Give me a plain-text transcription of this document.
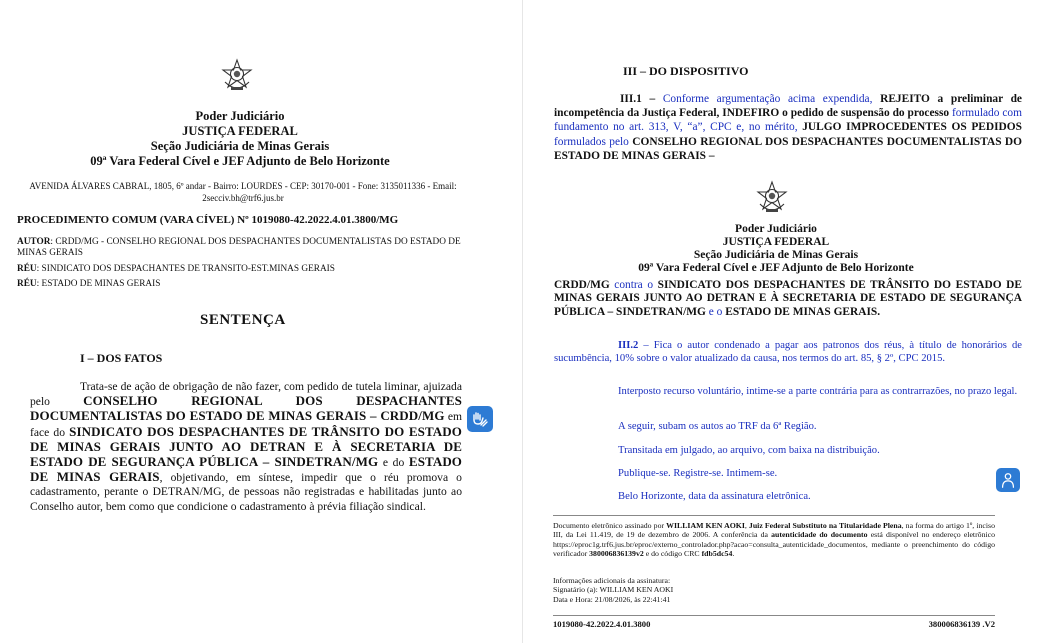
Poder Judiciário
JUSTIÇA FEDERAL
Seção Judiciária de Minas Gerais
09ª Vara Federal Cível e JEF Adjunto de Belo Horizonte
AVENIDA ÁLVARES CABRAL, 1805, 6º andar - Bairro: LOURDES - CEP: 30170-001 - Fone: 3135011336 - Email:
2secciv.bh@trf6.jus.br
PROCEDIMENTO COMUM (VARA CÍVEL) Nº 1019080-42.2022.4.01.3800/MG
AUTOR: CRDD/MG - CONSELHO REGIONAL DOS DESPACHANTES DOCUMENTALISTAS DO ESTADO DE MINAS GERAIS
RÉU: SINDICATO DOS DESPACHANTES DE TRANSITO-EST.MINAS GERAIS
RÉU: ESTADO DE MINAS GERAIS
SENTENÇA
I – DOS FATOS
Trata-se de ação de obrigação de não fazer, com pedido de tutela liminar, ajuizada pelo	CONSELHO REGIONAL DOS DESPACHANTES DOCUMENTALISTAS DO ESTADO DE MINAS GERAIS – CRDD/MG em face do SINDICATO DOS DESPACHANTES DE TRÂNSITO DO ESTADO DE MINAS GERAIS JUNTO AO DETRAN E À SECRETARIA DE ESTADO DE SEGURANÇA PÚBLICA – SINDETRAN/MG e do ESTADO DE MINAS GERAIS, objetivando, em síntese, impedir que o réu promova o cadastramento, perante o DETRAN/MG, de pessoas não registradas e habilitadas junto ao Conselho autor, bem como que condicione o cadastramento à prévia filiação sindical.
III – DO DISPOSITIVO
III.1 – Conforme argumentação acima expendida, REJEITO a preliminar de incompetência da Justiça Federal, INDEFIRO o pedido de suspensão do processo formulado com fundamento no art. 313, V, “a”, CPC e, no mérito, JULGO IMPROCEDENTES OS PEDIDOS formulados pelo CONSELHO REGIONAL DOS DESPACHANTES DOCUMENTALISTAS DO ESTADO DE MINAS GERAIS –
Poder Judiciário
JUSTIÇA FEDERAL
Seção Judiciária de Minas Gerais
09ª Vara Federal Cível e JEF Adjunto de Belo Horizonte
CRDD/MG contra o SINDICATO DOS DESPACHANTES DE TRÂNSITO DO ESTADO DE MINAS GERAIS JUNTO AO DETRAN E À SECRETARIA DE ESTADO DE SEGURANÇA PÚBLICA – SINDETRAN/MG e o ESTADO DE MINAS GERAIS.
III.2 – Fica o autor condenado a pagar aos patronos dos réus, à título de honorários de sucumbência, 10% sobre o valor atualizado da causa, nos termos do art. 85, § 2º, CPC 2015.
Interposto recurso voluntário, intime-se a parte contrária para as contrarrazões, no prazo legal.
A seguir, subam os autos ao TRF da 6ª Região.
Transitada em julgado, ao arquivo, com baixa na distribuição.
Publique-se. Registre-se. Intimem-se.
Belo Horizonte, data da assinatura eletrônica.
Documento eletrônico assinado por WILLIAM KEN AOKI, Juiz Federal Substituto na Titularidade Plena, na forma do artigo 1º, inciso III, da Lei 11.419, de 19 de dezembro de 2006. A conferência da autenticidade do documento está disponível no endereço eletrônico https://eproc1g.trf6.jus.br/eproc/externo_controlador.php?acao=consulta_autenticidade_documentos, mediante o preenchimento do código verificador 380006836139v2 e do código CRC fdb5dc54.
Informações adicionais da assinatura:
Signatário (a): WILLIAM KEN AOKI
Data e Hora: 21/08/2026, às 22:41:41
1019080-42.2022.4.01.3800	380006836139 .V2
